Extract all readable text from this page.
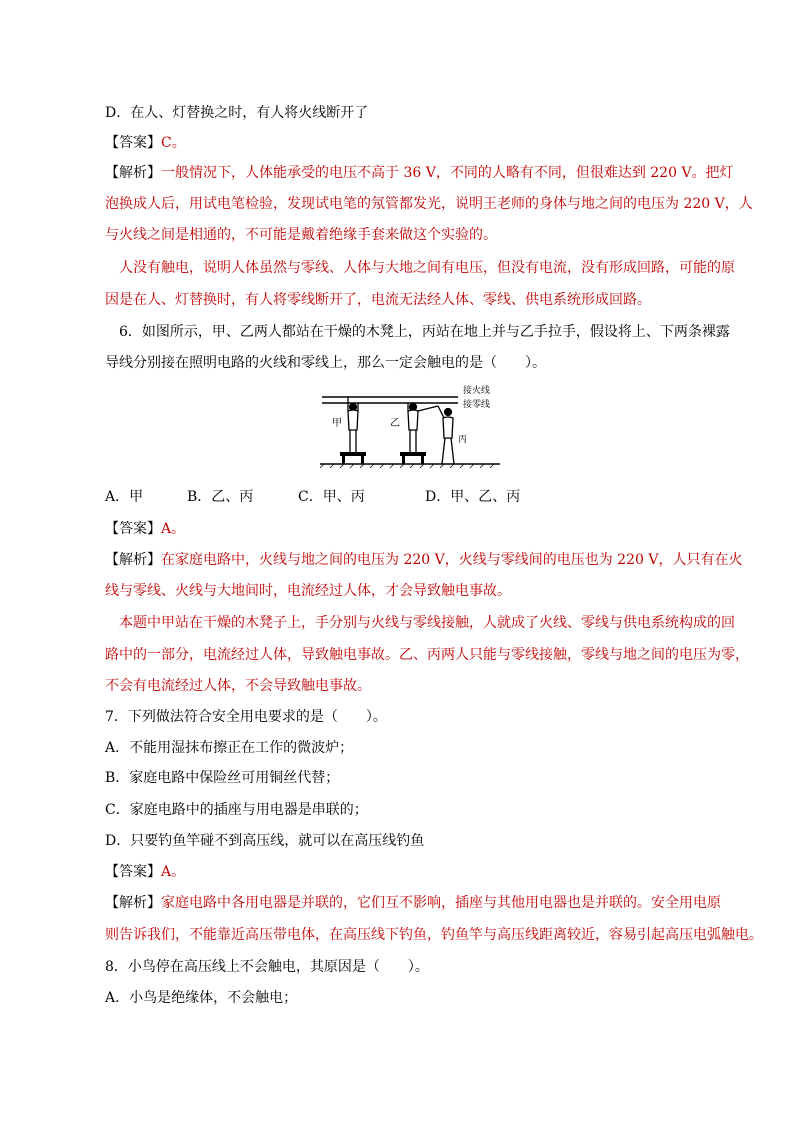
D．在人、灯替换之时，有人将火线断开了
【答案】C。
【解析】一般情况下，人体能承受的电压不高于 36 V，不同的人略有不同，但很难达到 220 V。把灯
泡换成人后，用试电笔检验，发现试电笔的氖管都发光，说明王老师的身体与地之间的电压为 220 V，人
与火线之间是相通的，不可能是戴着绝缘手套来做这个实验的。
人没有触电，说明人体虽然与零线、人体与大地之间有电压，但没有电流，没有形成回路，可能的原
因是在人、灯替换时，有人将零线断开了，电流无法经人体、零线、供电系统形成回路。
6．如图所示，甲、乙两人都站在干燥的木凳上，丙站在地上并与乙手拉手，假设将上、下两条裸露
导线分别接在照明电路的火线和零线上，那么一定会触电的是（　　）。
接火线
接零线
甲	乙
丙
A．甲	B．乙、丙	C．甲、丙	D．甲、乙、丙
【答案】A。
【解析】在家庭电路中，火线与地之间的电压为 220 V，火线与零线间的电压也为 220 V，人只有在火
线与零线、火线与大地间时，电流经过人体，才会导致触电事故。
本题中甲站在干燥的木凳子上，手分别与火线与零线接触，人就成了火线、零线与供电系统构成的回
路中的一部分，电流经过人体，导致触电事故。乙、丙两人只能与零线接触，零线与地之间的电压为零，
不会有电流经过人体，不会导致触电事故。
7．下列做法符合安全用电要求的是（　　）。
A．不能用湿抹布擦正在工作的微波炉；
B．家庭电路中保险丝可用铜丝代替；
C．家庭电路中的插座与用电器是串联的；
D．只要钓鱼竿碰不到高压线，就可以在高压线钓鱼
【答案】A。
【解析】家庭电路中各用电器是并联的，它们互不影响，插座与其他用电器也是并联的。安全用电原
则告诉我们，不能靠近高压带电体，在高压线下钓鱼，钓鱼竿与高压线距离较近，容易引起高压电弧触电。
8．小鸟停在高压线上不会触电，其原因是（　　）。
A．小鸟是绝缘体，不会触电；
